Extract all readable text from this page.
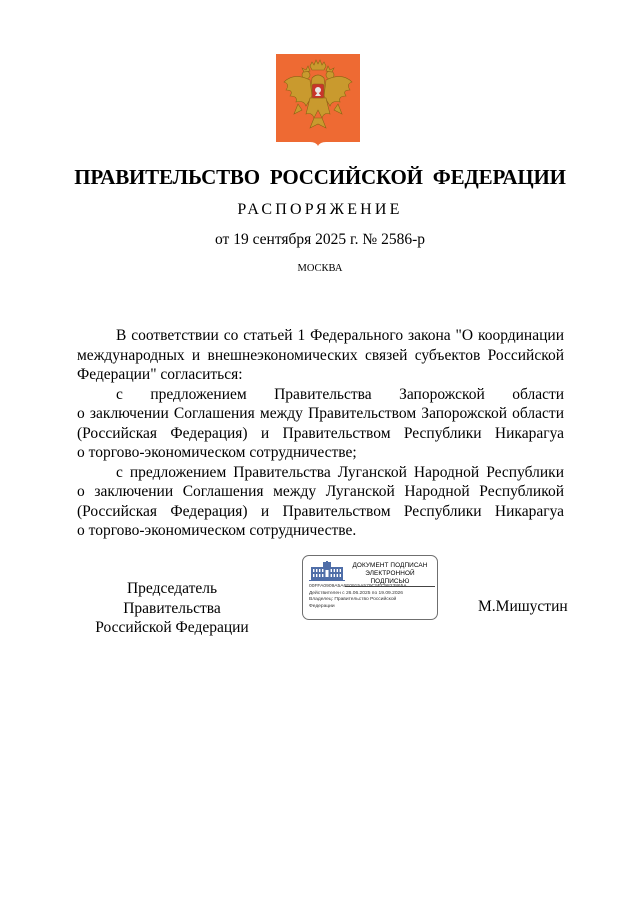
ПРАВИТЕЛЬСТВО РОССИЙСКОЙ ФЕДЕРАЦИИ
РАСПОРЯЖЕНИЕ
от 19 сентября 2025 г. № 2586-р
МОСКВА
В соответствии со статьей 1 Федерального закона "О координации
международных и внешнеэкономических связей субъектов Российской
Федерации" согласиться:
с предложением Правительства Запорожской области
о заключении Соглашения между Правительством Запорожской области
(Российская Федерация) и Правительством Республики Никарагуа
о торгово-экономическом сотрудничестве;
с предложением Правительства Луганской Народной Республики
о заключении Соглашения между Луганской Народной Республикой
(Российская Федерация) и Правительством Республики Никарагуа
о торгово-экономическом сотрудничестве.
Председатель Правительства
Российской Федерации
ДОКУМЕНТ ПОДПИСАН
ЭЛЕКТРОННОЙ ПОДПИСЬЮ
00FFA0909A5A6F0915A579C5FC9823865A
Действителен с 26.06.2025 по 19.09.2026
Владелец: Правительство Российской
Федерации	М.Мишустин
